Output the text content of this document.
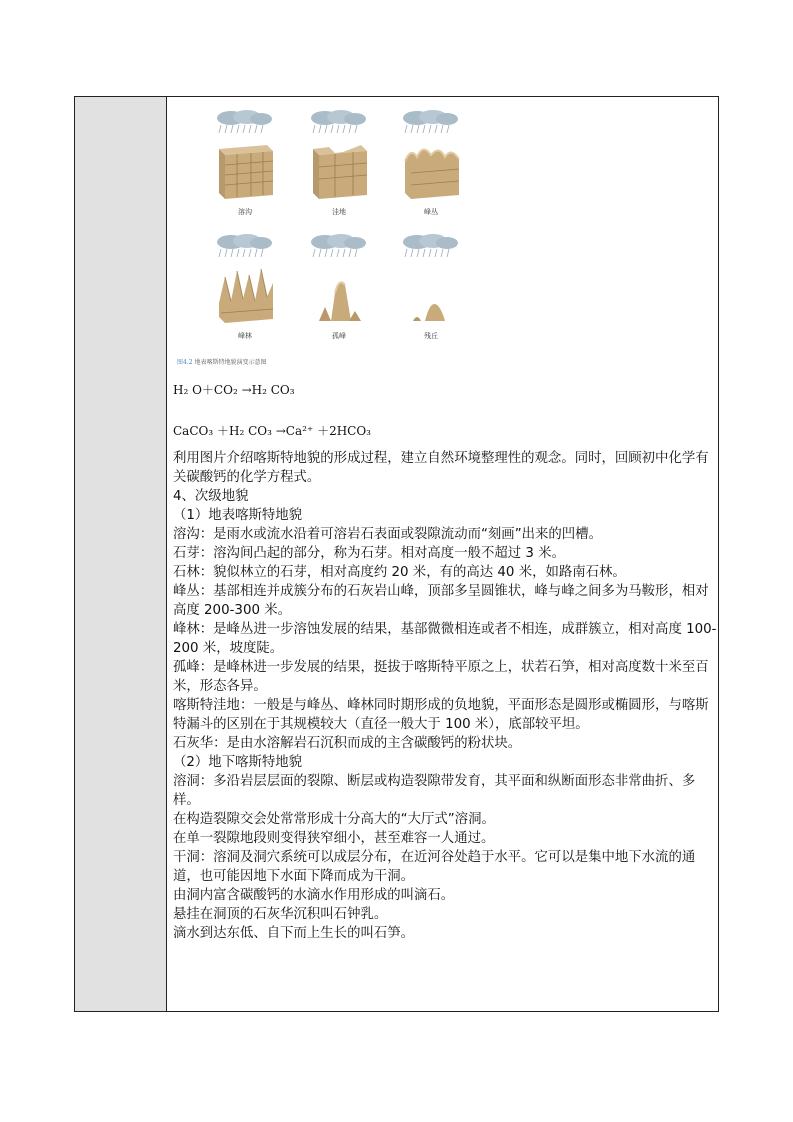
溶沟	洼地	峰丛
峰林	孤峰	残丘
图4.2 地表喀斯特地貌演变示意图
H₂ O＋CO₂ →H₂ CO₃
CaCO₃ ＋H₂ CO₃ →Ca²⁺ ＋2HCO₃

利用图片介绍喀斯特地貌的形成过程，建立自然环境整理性的观念。同时，回顾初中化学有关碳酸钙的化学方程式。

4、次级地貌

（1）地表喀斯特地貌

溶沟：是雨水或流水沿着可溶岩石表面或裂隙流动而“刻画”出来的凹槽。

石芽：溶沟间凸起的部分，称为石芽。相对高度一般不超过 3 米。

石林：貌似林立的石芽，相对高度约 20 米，有的高达 40 米，如路南石林。

峰丛：基部相连并成簇分布的石灰岩山峰，顶部多呈圆锥状，峰与峰之间多为马鞍形，相对高度 200-300 米。

峰林：是峰丛进一步溶蚀发展的结果，基部微微相连或者不相连，成群簇立，相对高度 100-200 米，坡度陡。

孤峰：是峰林进一步发展的结果，挺拔于喀斯特平原之上，状若石笋，相对高度数十米至百米，形态各异。

喀斯特洼地：一般是与峰丛、峰林同时期形成的负地貌，平面形态是圆形或椭圆形，与喀斯特漏斗的区别在于其规模较大（直径一般大于 100 米），底部较平坦。

石灰华：是由水溶解岩石沉积而成的主含碳酸钙的粉状块。

（2）地下喀斯特地貌

溶洞：多沿岩层层面的裂隙、断层或构造裂隙带发育，其平面和纵断面形态非常曲折、多样。

在构造裂隙交会处常常形成十分高大的“大厅式”溶洞。

在单一裂隙地段则变得狭窄细小，甚至难容一人通过。

干洞：溶洞及洞穴系统可以成层分布，在近河谷处趋于水平。它可以是集中地下水流的通道，也可能因地下水面下降而成为干洞。

由洞内富含碳酸钙的水滴水作用形成的叫滴石。

悬挂在洞顶的石灰华沉积叫石钟乳。

滴水到达东低、自下而上生长的叫石笋。
